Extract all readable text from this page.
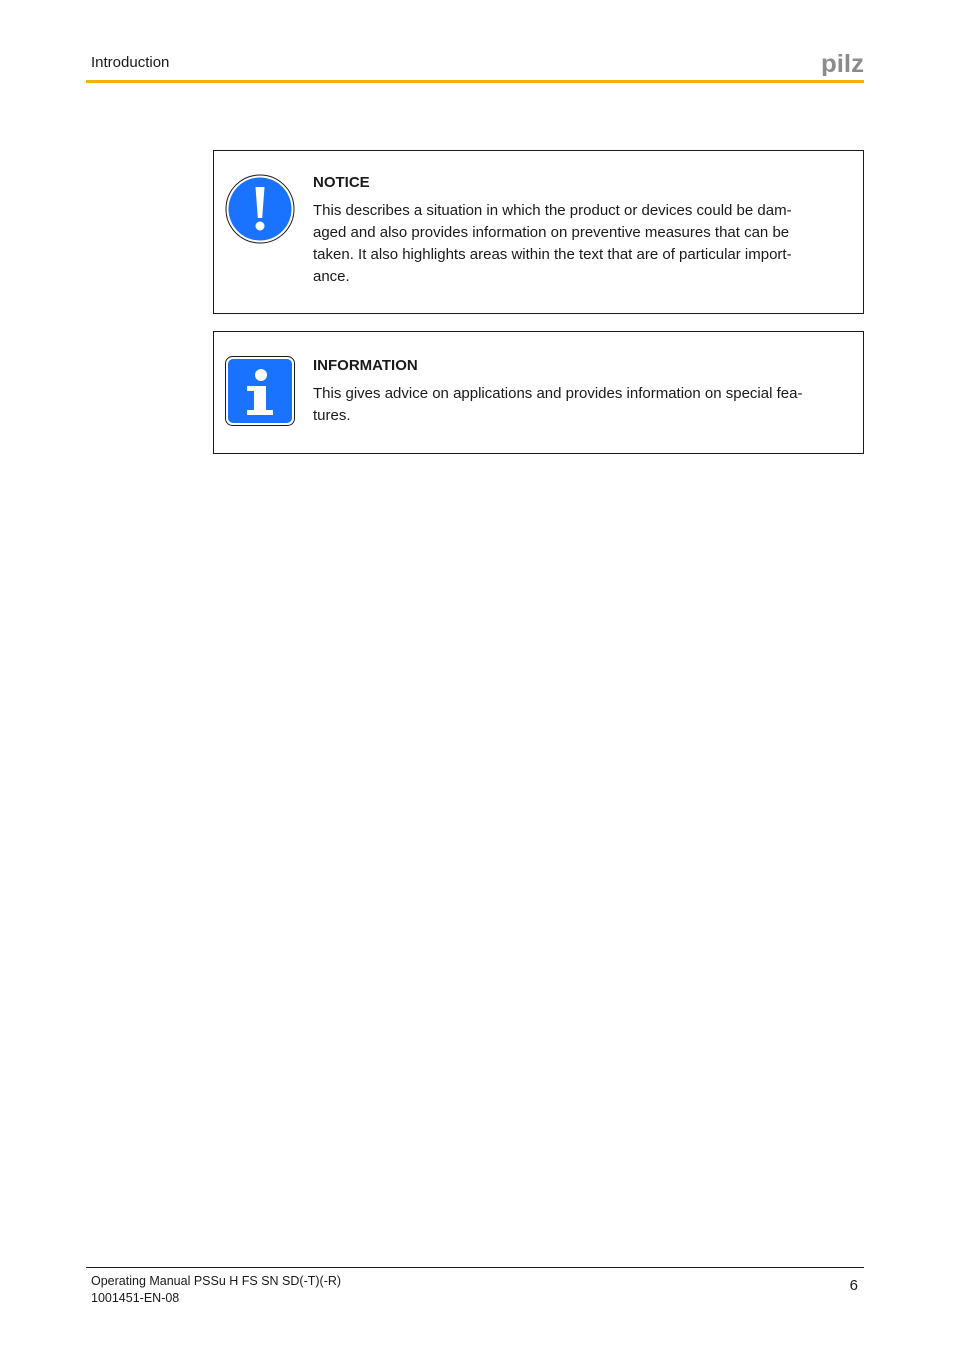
Introduction	pilz
NOTICE
This describes a situation in which the product or devices could be dam-
aged and also provides information on preventive measures that can be
taken. It also highlights areas within the text that are of particular import-
ance.
INFORMATION
This gives advice on applications and provides information on special fea-
tures.
Operating Manual PSSu H FS SN SD(-T)(-R)
1001451-EN-08
6
